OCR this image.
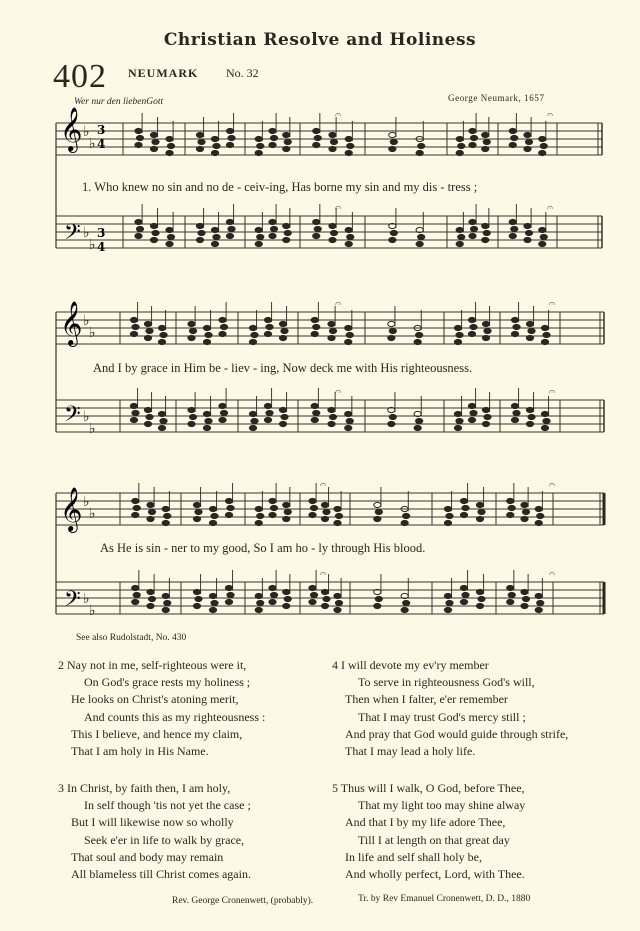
Christian Resolve and Holiness
402 NEUMARK No. 32
Wer nur den liebenGott	George Neumark, 1657
♭
♭
♭
♭
♭
♭
♭
♭
♭
♭
♭
♭
𝄐
𝄐
𝄐
𝄐
𝄐
𝄐
𝄐
𝄐
𝄐
𝄐
𝄐
𝄐
𝄞
𝄢
𝄞
𝄢
𝄞
𝄢
3
4
3
4
1. Who knew no sin and no de - ceiv-ing, Has borne my sin and my dis - tress ;
And I by grace in Him be - liev - ing, Now deck me with His righteousness.
As He is sin - ner to my good, So I am ho - ly through His blood.
See also Rudolstadt, No. 430
2 Nay not in me, self-righteous were it,
On God's grace rests my holiness ;
He looks on Christ's atoning merit,
And counts this as my righteousness :
This I believe, and hence my claim,
That I am holy in His Name.
3 In Christ, by faith then, I am holy,
In self though 'tis not yet the case ;
But I will likewise now so wholly
Seek e'er in life to walk by grace,
That soul and body may remain
All blameless till Christ comes again.
4 I will devote my ev'ry member
To serve in righteousness God's will,
Then when I falter, e'er remember
That I may trust God's mercy still ;
And pray that God would guide through strife,
That I may lead a holy life.
5 Thus will I walk, O God, before Thee,
That my light too may shine alway
And that I by my life adore Thee,
Till I at length on that great day
In life and self shall holy be,
And wholly perfect, Lord, with Thee.
Rev. George Cronenwett, (probably).	Tr. by Rev Emanuel Cronenwett, D. D., 1880
